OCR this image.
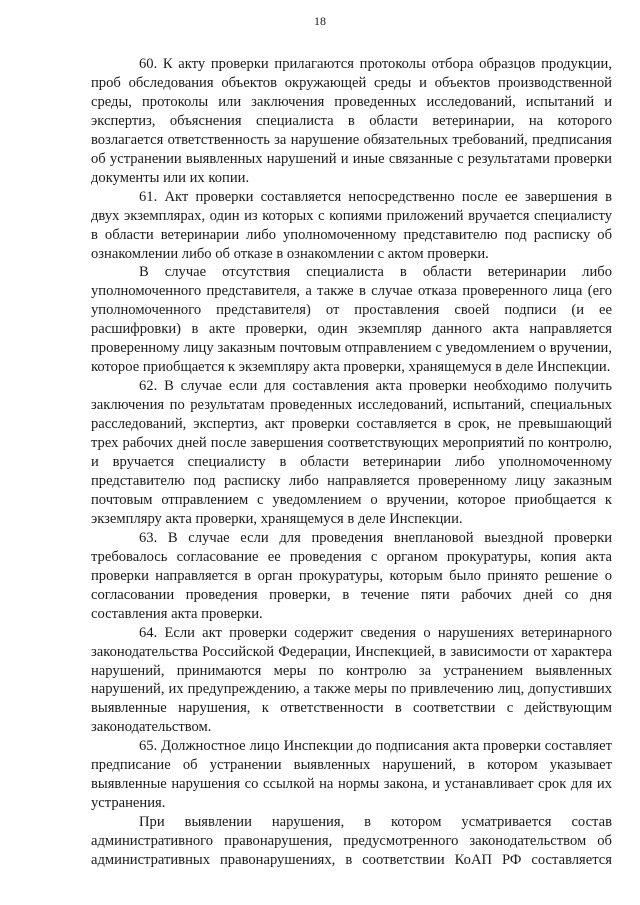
18

60. К акту проверки прилагаются протоколы отбора образцов продукции, проб обследования объектов окружающей среды и объектов производственной среды, протоколы или заключения проведенных исследований, испытаний и экспертиз, объяснения специалиста в области ветеринарии, на которого возлагается ответственность за нарушение обязательных требований, предписания об устранении выявленных нарушений и иные связанные с результатами проверки документы или их копии.

61. Акт проверки составляется непосредственно после ее завершения в двух экземплярах, один из которых с копиями приложений вручается специалисту в области ветеринарии либо уполномоченному представителю под расписку об ознакомлении либо об отказе в ознакомлении с актом проверки.

В случае отсутствия специалиста в области ветеринарии либо уполномоченного представителя, а также в случае отказа проверенного лица (его уполномоченного представителя) от проставления своей подписи (и ее расшифровки) в акте проверки, один экземпляр данного акта направляется проверенному лицу заказным почтовым отправлением с уведомлением о вручении, которое приобщается к экземпляру акта проверки, хранящемуся в деле Инспекции.

62. В случае если для составления акта проверки необходимо получить заключения по результатам проведенных исследований, испытаний, специальных расследований, экспертиз, акт проверки составляется в срок, не превышающий трех рабочих дней после завершения соответствующих мероприятий по контролю, и вручается специалисту в области ветеринарии либо уполномоченному представителю под расписку либо направляется проверенному лицу заказным почтовым отправлением с уведомлением о вручении, которое приобщается к экземпляру акта проверки, хранящемуся в деле Инспекции.

63. В случае если для проведения внеплановой выездной проверки требовалось согласование ее проведения с органом прокуратуры, копия акта проверки направляется в орган прокуратуры, которым было принято решение о согласовании проведения проверки, в течение пяти рабочих дней со дня составления акта проверки.

64. Если акт проверки содержит сведения о нарушениях ветеринарного законодательства Российской Федерации, Инспекцией, в зависимости от характера нарушений, принимаются меры по контролю за устранением выявленных нарушений, их предупреждению, а также меры по привлечению лиц, допустивших выявленные нарушения, к ответственности в соответствии с действующим законодательством.

65. Должностное лицо Инспекции до подписания акта проверки составляет предписание об устранении выявленных нарушений, в котором указывает выявленные нарушения со ссылкой на нормы закона, и устанавливает срок для их устранения.

При выявлении нарушения, в котором усматривается состав административного правонарушения, предусмотренного законодательством об административных правонарушениях, в соответствии КоАП РФ составляется
